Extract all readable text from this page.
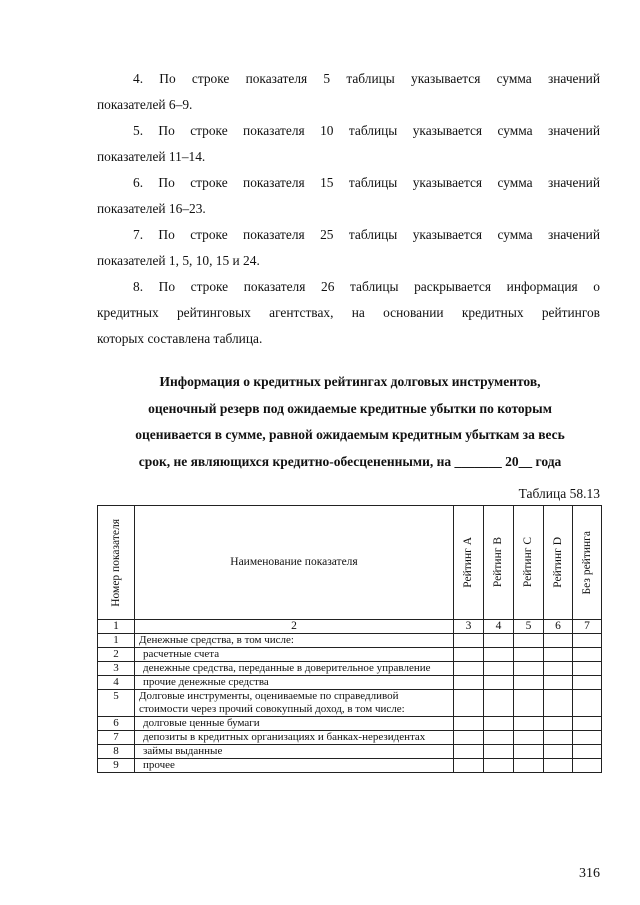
4. По строке показателя 5 таблицы указывается сумма значений
показателей 6–9.
5. По строке показателя 10 таблицы указывается сумма значений
показателей 11–14.
6. По строке показателя 15 таблицы указывается сумма значений
показателей 16–23.
7. По строке показателя 25 таблицы указывается сумма значений
показателей 1, 5, 10, 15 и 24.
8. По строке показателя 26 таблицы раскрывается информация о
кредитных рейтинговых агентствах, на основании кредитных рейтингов
которых составлена таблица.
Информация о кредитных рейтингах долговых инструментов,
оценочный резерв под ожидаемые кредитные убытки по которым
оценивается в сумме, равной ожидаемым кредитным убыткам за весь
срок, не являющихся кредитно-обесцененными, на _______ 20__ года
Таблица 58.13
Номер показателя	Наименование показателя	Рейтинг А	Рейтинг В	Рейтинг С	Рейтинг D	Без рейтинга

1	2	3	4	5	6	7
1	Денежные средства, в том числе:					
2	расчетные счета					
3	денежные средства, переданные в доверительное управление					
4	прочие денежные средства					
5	Долговые инструменты, оцениваемые по справедливой стоимости через прочий совокупный доход, в том числе:					
6	долговые ценные бумаги					
7	депозиты в кредитных организациях и банках-нерезидентах					
8	займы выданные					
9	прочее					
316
